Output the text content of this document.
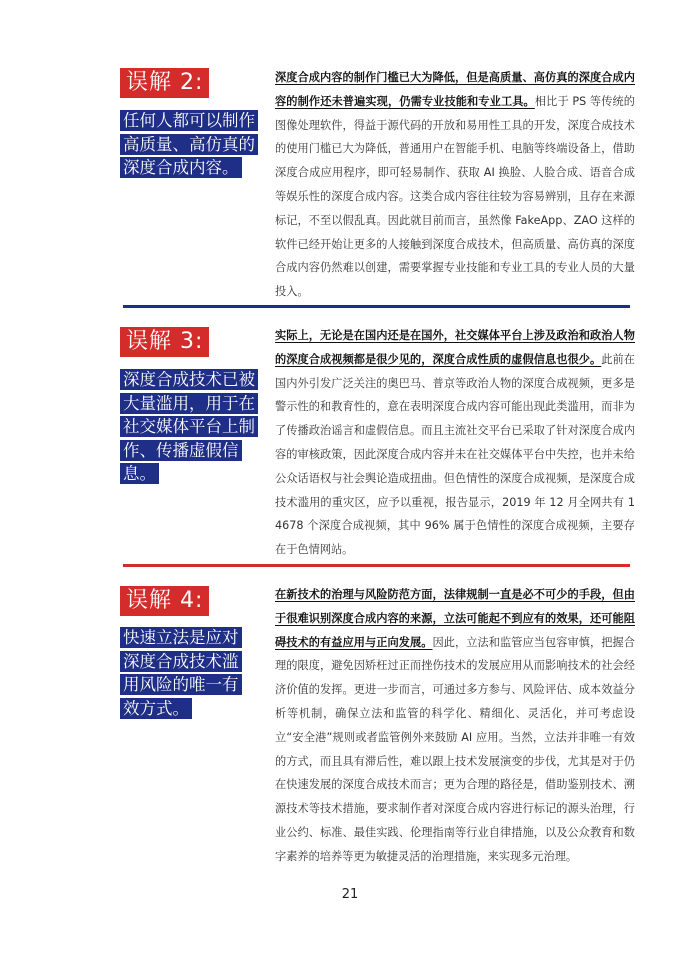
误解 2:
任何人都可以制作高质量、高仿真的深度合成内容。
深度合成内容的制作门槛已大为降低，但是高质量、高仿真的深度合成内容的制作还未普遍实现，仍需专业技能和专业工具。相比于 PS 等传统的图像处理软件，得益于源代码的开放和易用性工具的开发，深度合成技术的使用门槛已大为降低，普通用户在智能手机、电脑等终端设备上，借助深度合成应用程序，即可轻易制作、获取 AI 换脸、人脸合成、语音合成等娱乐性的深度合成内容。这类合成内容往往较为容易辨别，且存在来源标记，不至以假乱真。因此就目前而言，虽然像 FakeApp、ZAO 这样的软件已经开始让更多的人接触到深度合成技术，但高质量、高仿真的深度合成内容仍然难以创建，需要掌握专业技能和专业工具的专业人员的大量投入。
误解 3:
深度合成技术已被大量滥用，用于在社交媒体平台上制作、传播虚假信息。
实际上，无论是在国内还是在国外，社交媒体平台上涉及政治和政治人物的深度合成视频都是很少见的，深度合成性质的虚假信息也很少。此前在国内外引发广泛关注的奥巴马、普京等政治人物的深度合成视频，更多是警示性的和教育性的，意在表明深度合成内容可能出现此类滥用，而非为了传播政治谣言和虚假信息。而且主流社交平台已采取了针对深度合成内容的审核政策，因此深度合成内容并未在社交媒体平台中失控，也并未给公众话语权与社会舆论造成扭曲。但色情性的深度合成视频，是深度合成技术滥用的重灾区，应予以重视，报告显示，2019 年 12 月全网共有 14678 个深度合成视频，其中 96% 属于色情性的深度合成视频，主要存在于色情网站。
误解 4:
快速立法是应对深度合成技术滥用风险的唯一有效方式。
在新技术的治理与风险防范方面，法律规制一直是必不可少的手段，但由于很难识别深度合成内容的来源，立法可能起不到应有的效果，还可能阻碍技术的有益应用与正向发展。因此，立法和监管应当包容审慎，把握合理的限度，避免因矫枉过正而挫伤技术的发展应用从而影响技术的社会经济价值的发挥。更进一步而言，可通过多方参与、风险评估、成本效益分析等机制，确保立法和监管的科学化、精细化、灵活化，并可考虑设立“安全港”规则或者监管例外来鼓励 AI 应用。当然，立法并非唯一有效的方式，而且具有滞后性，难以跟上技术发展演变的步伐，尤其是对于仍在快速发展的深度合成技术而言；更为合理的路径是，借助鉴别技术、溯源技术等技术措施，要求制作者对深度合成内容进行标记的源头治理，行业公约、标准、最佳实践、伦理指南等行业自律措施，以及公众教育和数字素养的培养等更为敏捷灵活的治理措施，来实现多元治理。
21
